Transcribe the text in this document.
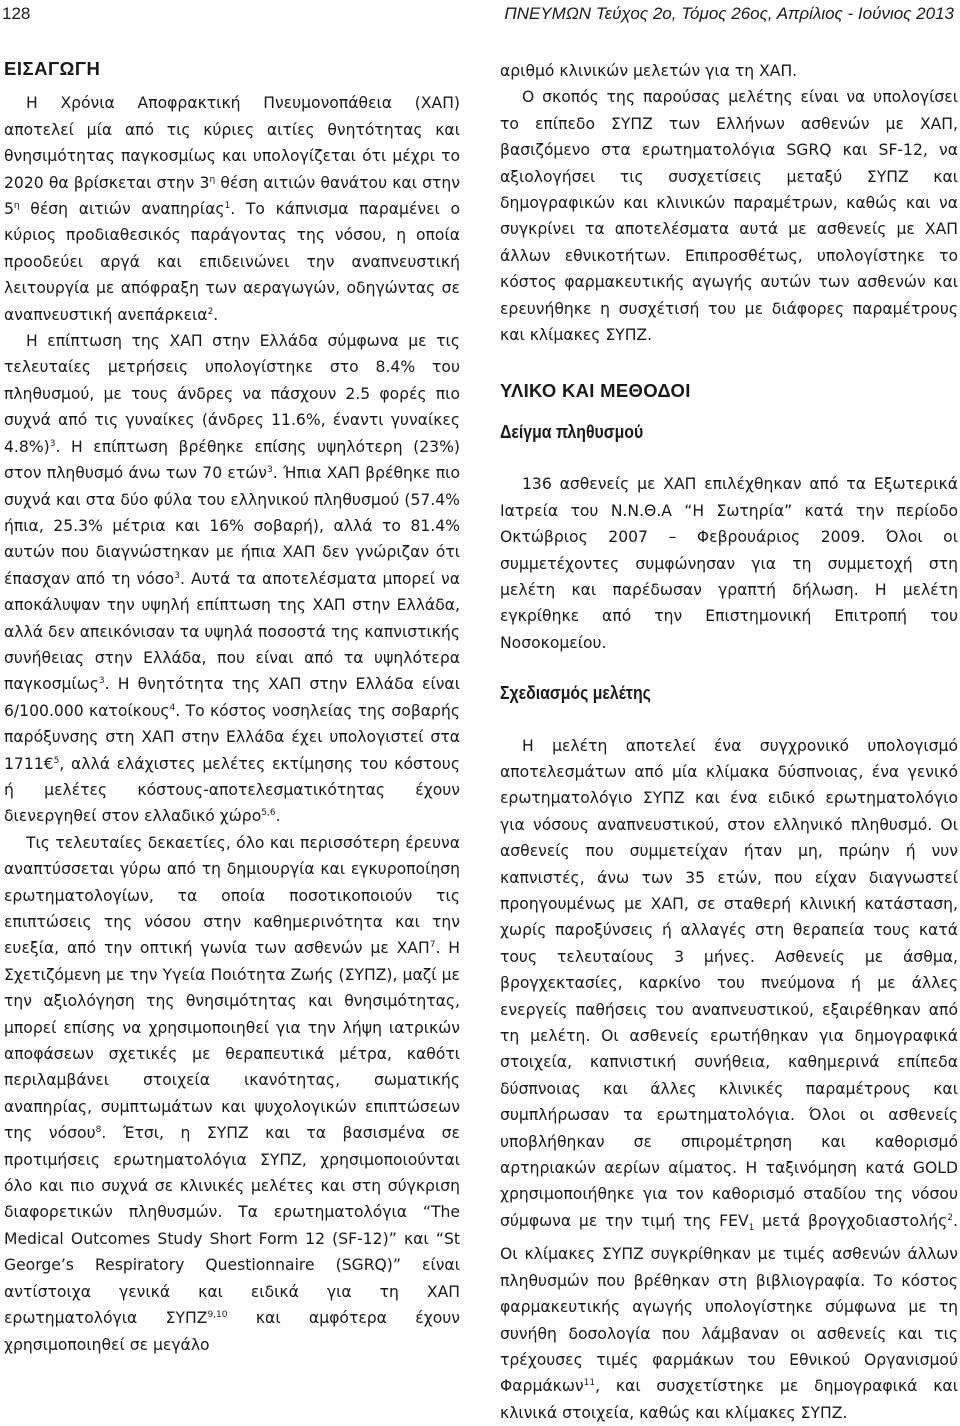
128	ΠΝΕΥΜΩΝ Τεύχος 2ο, Τόμος 26ος, Απρίλιος - Ιούνιος 2013
ΕΙΣΑΓΩΓΗ

Η Χρόνια Αποφρακτική Πνευμονοπάθεια (ΧΑΠ) αποτελεί μία από τις κύριες αιτίες θνητότητας και θνησιμότητας παγκοσμίως και υπολογίζεται ότι μέχρι το 2020 θα βρίσκεται στην $3^\eta$ θέση αιτιών θανάτου και στην $5^\eta$ θέση αιτιών αναπηρίας$^1$. Το κάπνισμα παραμένει ο κύριος προδιαθεσικός παράγοντας της νόσου, η οποία προοδεύει αργά και επιδεινώνει την αναπνευστική λειτουργία με απόφραξη των αεραγωγών, οδηγώντας σε αναπνευστική ανεπάρκεια$^2$.

Η επίπτωση της ΧΑΠ στην Ελλάδα σύμφωνα με τις τελευταίες μετρήσεις υπολογίστηκε στο 8.4% του πληθυσμού, με τους άνδρες να πάσχουν 2.5 φορές πιο συχνά από τις γυναίκες (άνδρες 11.6%, έναντι γυναίκες 4.8%)$^3$. Η επίπτωση βρέθηκε επίσης υψηλότερη (23%) στον πληθυσμό άνω των 70 ετών$^3$. Ήπια ΧΑΠ βρέθηκε πιο συχνά και στα δύο φύλα του ελληνικού πληθυσμού (57.4% ήπια, 25.3% μέτρια και 16% σοβαρή), αλλά το 81.4% αυτών που διαγνώστηκαν με ήπια ΧΑΠ δεν γνώριζαν ότι έπασχαν από τη νόσο$^3$. Αυτά τα αποτελέσματα μπορεί να αποκάλυψαν την υψηλή επίπτωση της ΧΑΠ στην Ελλάδα, αλλά δεν απεικόνισαν τα υψηλά ποσοστά της καπνιστικής συνήθειας στην Ελλάδα, που είναι από τα υψηλότερα παγκοσμίως$^3$. Η θνητότητα της ΧΑΠ στην Ελλάδα είναι 6/100.000 κατοίκους$^4$. Το κόστος νοσηλείας της σοβαρής παρόξυνσης στη ΧΑΠ στην Ελλάδα έχει υπολογιστεί στα 1711€$^5$, αλλά ελάχιστες μελέτες εκτίμησης του κόστους ή μελέτες κόστους-αποτελεσματικότητας έχουν διενεργηθεί στον ελλαδικό χώρο$^{5,6}$.

Τις τελευταίες δεκαετίες, όλο και περισσότερη έρευνα αναπτύσσεται γύρω από τη δημιουργία και εγκυροποίηση ερωτηματολογίων, τα οποία ποσοτικοποιούν τις επιπτώσεις της νόσου στην καθημερινότητα και την ευεξία, από την οπτική γωνία των ασθενών με ΧΑΠ$^7$. Η Σχετιζόμενη με την Υγεία Ποιότητα Ζωής (ΣΥΠΖ), μαζί με την αξιολόγηση της θνησιμότητας και θνησιμότητας, μπορεί επίσης να χρησιμοποιηθεί για την λήψη ιατρικών αποφάσεων σχετικές με θεραπευτικά μέτρα, καθότι περιλαμβάνει στοιχεία ικανότητας, σωματικής αναπηρίας, συμπτωμάτων και ψυχολογικών επιπτώσεων της νόσου$^8$. Έτσι, η ΣΥΠΖ και τα βασισμένα σε προτιμήσεις ερωτηματολόγια ΣΥΠΖ, χρησιμοποιούνται όλο και πιο συχνά σε κλινικές μελέτες και στη σύγκριση διαφορετικών πληθυσμών. Τα ερωτηματολόγια “The Medical Outcomes Study Short Form 12 (SF-12)” και “St George’s Respiratory Questionnaire (SGRQ)” είναι αντίστοιχα γενικά και ειδικά για τη ΧΑΠ ερωτηματολόγια ΣΥΠΖ$^{9,10}$ και αμφότερα έχουν χρησιμοποιηθεί σε μεγάλο

αριθμό κλινικών μελετών για τη ΧΑΠ.

Ο σκοπός της παρούσας μελέτης είναι να υπολογίσει το επίπεδο ΣΥΠΖ των Ελλήνων ασθενών με ΧΑΠ, βασιζόμενο στα ερωτηματολόγια SGRQ και SF-12, να αξιολογήσει τις συσχετίσεις μεταξύ ΣΥΠΖ και δημογραφικών και κλινικών παραμέτρων, καθώς και να συγκρίνει τα αποτελέσματα αυτά με ασθενείς με ΧΑΠ άλλων εθνικοτήτων. Επιπροσθέτως, υπολογίστηκε το κόστος φαρμακευτικής αγωγής αυτών των ασθενών και ερευνήθηκε η συσχέτισή του με διάφορες παραμέτρους και κλίμακες ΣΥΠΖ.

ΥΛΙΚΟ ΚΑΙ ΜΕΘΟΔΟΙ
Δείγμα πληθυσμού

136 ασθενείς με ΧΑΠ επιλέχθηκαν από τα Εξωτερικά Ιατρεία του Ν.Ν.Θ.Α “Η Σωτηρία” κατά την περίοδο Οκτώβριος 2007 – Φεβρουάριος 2009. Όλοι οι συμμετέχοντες συμφώνησαν για τη συμμετοχή στη μελέτη και παρέδωσαν γραπτή δήλωση. Η μελέτη εγκρίθηκε από την Επιστημονική Επιτροπή του Νοσοκομείου.

Σχεδιασμός μελέτης

Η μελέτη αποτελεί ένα συγχρονικό υπολογισμό αποτελεσμάτων από μία κλίμακα δύσπνοιας, ένα γενικό ερωτηματολόγιο ΣΥΠΖ και ένα ειδικό ερωτηματολόγιο για νόσους αναπνευστικού, στον ελληνικό πληθυσμό. Οι ασθενείς που συμμετείχαν ήταν μη, πρώην ή νυν καπνιστές, άνω των 35 ετών, που είχαν διαγνωστεί προηγουμένως με ΧΑΠ, σε σταθερή κλινική κατάσταση, χωρίς παροξύνσεις ή αλλαγές στη θεραπεία τους κατά τους τελευταίους 3 μήνες. Ασθενείς με άσθμα, βρογχεκτασίες, καρκίνο του πνεύμονα ή με άλλες ενεργείς παθήσεις του αναπνευστικού, εξαιρέθηκαν από τη μελέτη. Οι ασθενείς ερωτήθηκαν για δημογραφικά στοιχεία, καπνιστική συνήθεια, καθημερινά επίπεδα δύσπνοιας και άλλες κλινικές παραμέτρους και συμπλήρωσαν τα ερωτηματολόγια. Όλοι οι ασθενείς υποβλήθηκαν σε σπιρομέτρηση και καθορισμό αρτηριακών αερίων αίματος. Η ταξινόμηση κατά GOLD χρησιμοποιήθηκε για τον καθορισμό σταδίου της νόσου σύμφωνα με την τιμή της $FEV_1$ μετά βρογχοδιαστολής$^2$. Οι κλίμακες ΣΥΠΖ συγκρίθηκαν με τιμές ασθενών άλλων πληθυσμών που βρέθηκαν στη βιβλιογραφία. Το κόστος φαρμακευτικής αγωγής υπολογίστηκε σύμφωνα με τη συνήθη δοσολογία που λάμβαναν οι ασθενείς και τις τρέχουσες τιμές φαρμάκων του Εθνικού Οργανισμού Φαρμάκων$^{11}$, και συσχετίστηκε με δημογραφικά και κλινικά στοιχεία, καθώς και κλίμακες ΣΥΠΖ.
